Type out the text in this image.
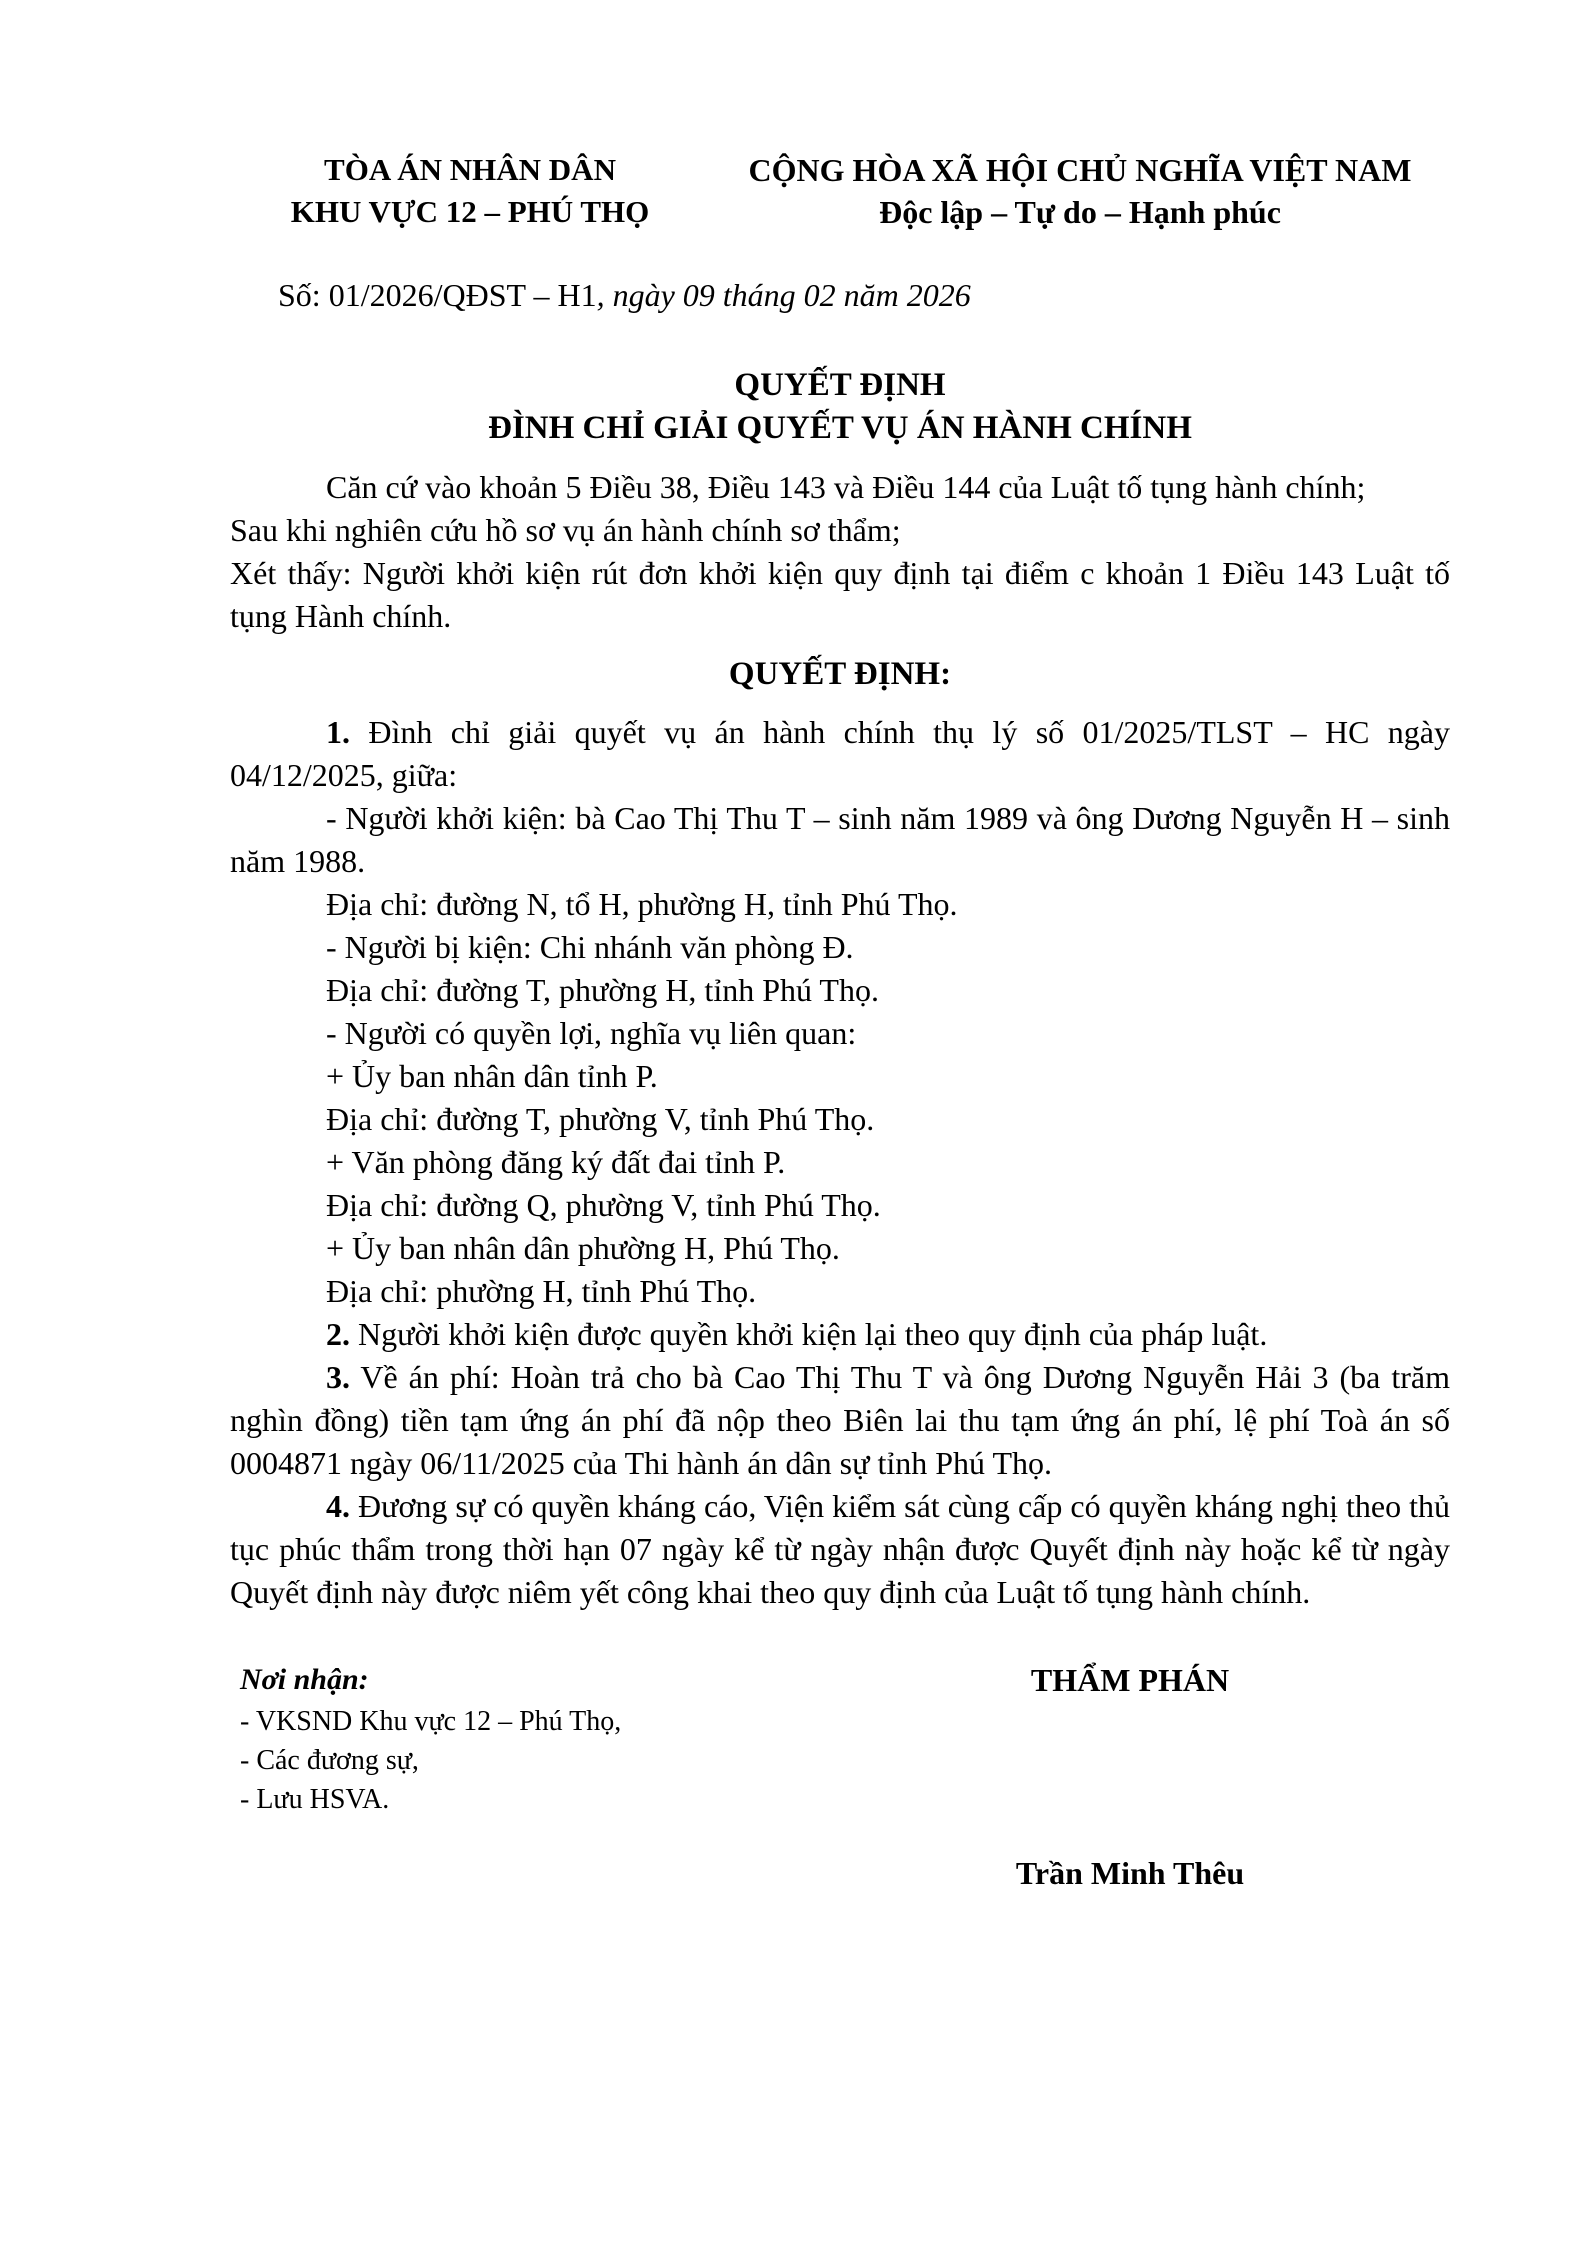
TÒA ÁN NHÂN DÂN
KHU VỰC 12 – PHÚ THỌ
CỘNG HÒA XÃ HỘI CHỦ NGHĨA VIỆT NAM
Độc lập – Tự do – Hạnh phúc
Số: 01/2026/QĐST – H1, ngày 09 tháng 02 năm 2026
QUYẾT ĐỊNH
ĐÌNH CHỈ GIẢI QUYẾT VỤ ÁN HÀNH CHÍNH

Căn cứ vào khoản 5 Điều 38, Điều 143 và Điều 144 của Luật tố tụng hành chính;

Sau khi nghiên cứu hồ sơ vụ án hành chính sơ thẩm;

Xét thấy: Người khởi kiện rút đơn khởi kiện quy định tại điểm c khoản 1 Điều 143 Luật tố tụng Hành chính.

QUYẾT ĐỊNH:

1. Đình chỉ giải quyết vụ án hành chính thụ lý số 01/2025/TLST – HC ngày 04/12/2025, giữa:

- Người khởi kiện: bà Cao Thị Thu T – sinh năm 1989 và ông Dương Nguyễn H – sinh năm 1988.

Địa chỉ: đường N, tổ H, phường H, tỉnh Phú Thọ.

- Người bị kiện: Chi nhánh văn phòng Đ.

Địa chỉ: đường T, phường H, tỉnh Phú Thọ.

- Người có quyền lợi, nghĩa vụ liên quan:

+ Ủy ban nhân dân tỉnh P.

Địa chỉ: đường T, phường V, tỉnh Phú Thọ.

+ Văn phòng đăng ký đất đai tỉnh P.

Địa chỉ: đường Q, phường V, tỉnh Phú Thọ.

+ Ủy ban nhân dân phường H, Phú Thọ.

Địa chỉ: phường H, tỉnh Phú Thọ.

2. Người khởi kiện được quyền khởi kiện lại theo quy định của pháp luật.

3. Về án phí: Hoàn trả cho bà Cao Thị Thu T và ông Dương Nguyễn Hải 3 (ba trăm nghìn đồng) tiền tạm ứng án phí đã nộp theo Biên lai thu tạm ứng án phí, lệ phí Toà án số 0004871 ngày 06/11/2025 của Thi hành án dân sự tỉnh Phú Thọ.

4. Đương sự có quyền kháng cáo, Viện kiểm sát cùng cấp có quyền kháng nghị theo thủ tục phúc thẩm trong thời hạn 07 ngày kể từ ngày nhận được Quyết định này hoặc kể từ ngày Quyết định này được niêm yết công khai theo quy định của Luật tố tụng hành chính.

Nơi nhận:

- VKSND Khu vực 12 – Phú Thọ,

- Các đương sự,

- Lưu HSVA.

THẨM PHÁN
Trần Minh Thêu
